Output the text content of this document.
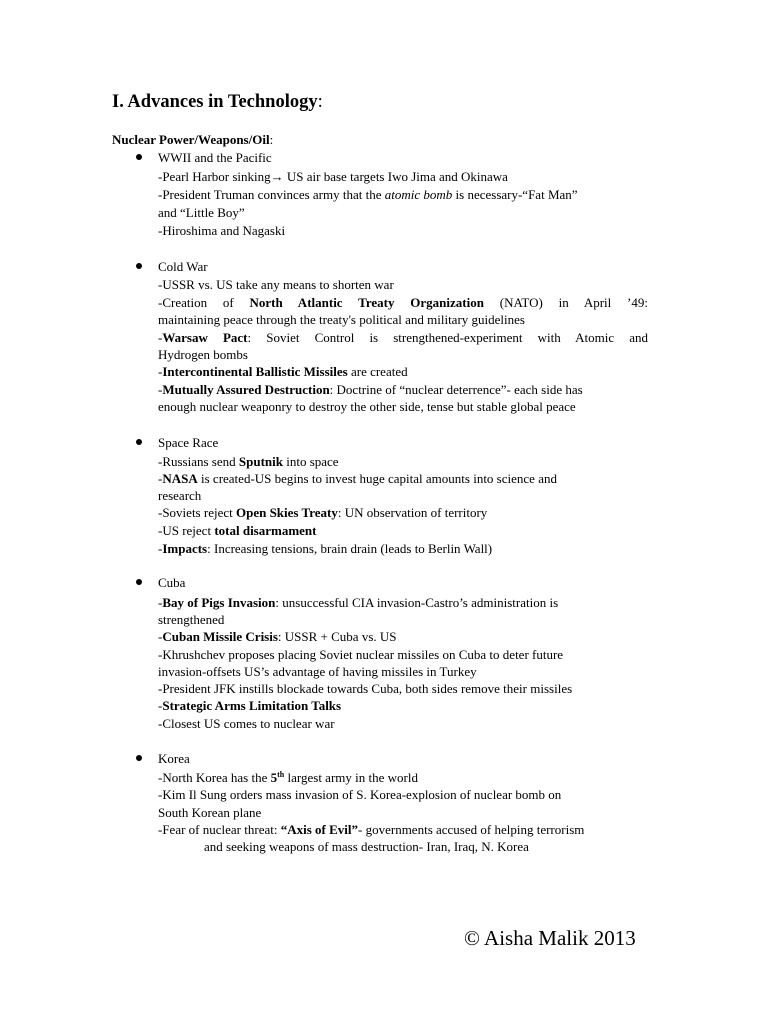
I. Advances in Technology:
Nuclear Power/Weapons/Oil:
WWII and the Pacific
-Pearl Harbor sinking→ US air base targets Iwo Jima and Okinawa
-President Truman convinces army that the atomic bomb is necessary-“Fat Man”
and “Little Boy”
-Hiroshima and Nagaski
Cold War
-USSR vs. US take any means to shorten war
-Creation of North Atlantic Treaty Organization (NATO) in April ’49:
maintaining peace through the treaty's political and military guidelines
-Warsaw Pact: Soviet Control is strengthened-experiment with Atomic and
Hydrogen bombs
-Intercontinental Ballistic Missiles are created
-Mutually Assured Destruction: Doctrine of “nuclear deterrence”- each side has
enough nuclear weaponry to destroy the other side, tense but stable global peace
Space Race
-Russians send Sputnik into space
-NASA is created-US begins to invest huge capital amounts into science and
research
-Soviets reject Open Skies Treaty: UN observation of territory
-US reject total disarmament
-Impacts: Increasing tensions, brain drain (leads to Berlin Wall)
Cuba
-Bay of Pigs Invasion: unsuccessful CIA invasion-Castro’s administration is
strengthened
-Cuban Missile Crisis: USSR + Cuba vs. US
-Khrushchev proposes placing Soviet nuclear missiles on Cuba to deter future
invasion-offsets US’s advantage of having missiles in Turkey
-President JFK instills blockade towards Cuba, both sides remove their missiles
-Strategic Arms Limitation Talks
-Closest US comes to nuclear war
Korea
-North Korea has the 5th largest army in the world
-Kim Il Sung orders mass invasion of S. Korea-explosion of nuclear bomb on
South Korean plane
-Fear of nuclear threat: “Axis of Evil”- governments accused of helping terrorism
and seeking weapons of mass destruction- Iran, Iraq, N. Korea
© Aisha Malik 2013
